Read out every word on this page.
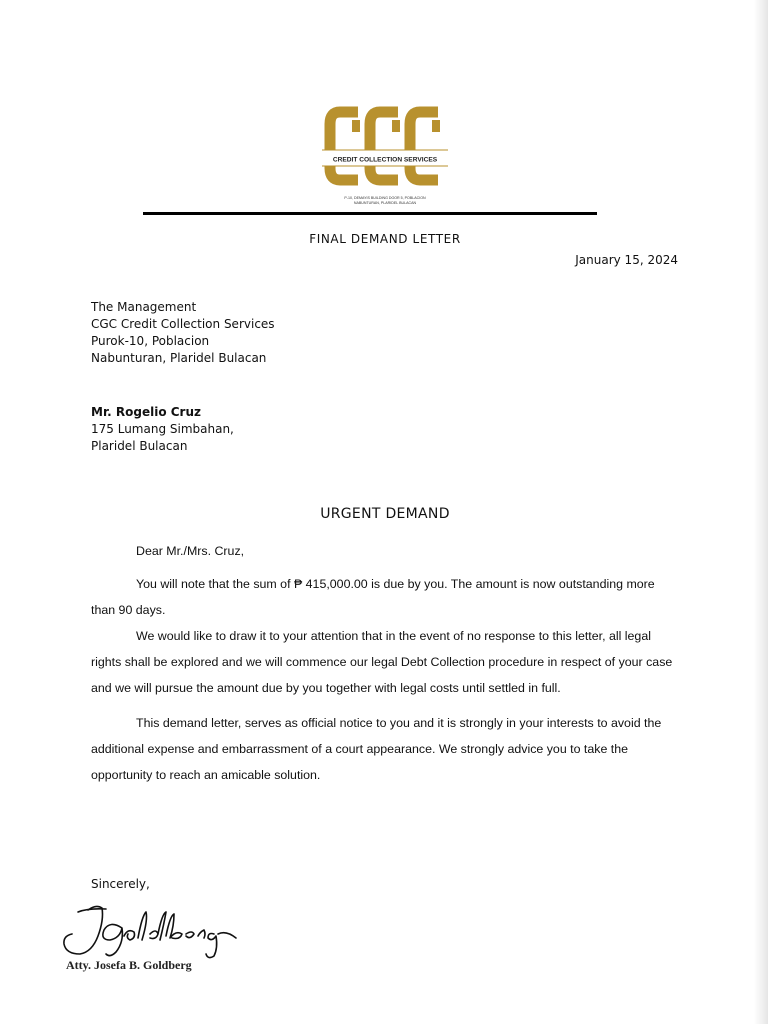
CREDIT COLLECTION SERVICES
P-10, DEMAYIS BUILDING DOOR 5, POBLACION
NABUNTURAN, PLARIDEL BULACAN
FINAL DEMAND LETTER
January 15, 2024
The Management
CGC Credit Collection Services
Purok-10, Poblacion
Nabunturan, Plaridel Bulacan
Mr. Rogelio Cruz
175 Lumang Simbahan,
Plaridel Bulacan
URGENT DEMAND
Dear Mr./Mrs. Cruz,

You will note that the sum of ₱ 415,000.00 is due by you. The amount is now outstanding more than 90 days.

We would like to draw it to your attention that in the event of no response to this letter, all legal rights shall be explored and we will commence our legal Debt Collection procedure in respect of your case and we will pursue the amount due by you together with legal costs until settled in full.

This demand letter, serves as official notice to you and it is strongly in your interests to avoid the additional expense and embarrassment of a court appearance. We strongly advice you to take the opportunity to reach an amicable solution.

Sincerely,
Atty. Josefa B. Goldberg
